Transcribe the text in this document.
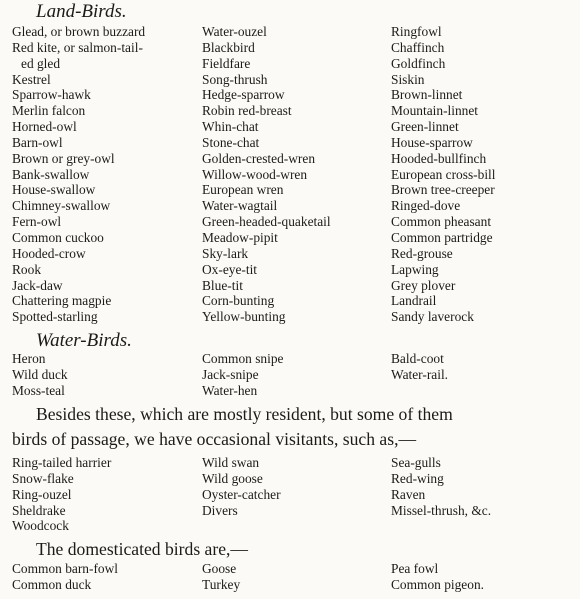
Land-Birds.
Glead, or brown buzzard	Water-ouzel	Ringfowl
Red kite, or salmon-tail-	Blackbird	Chaffinch
ed gled	Fieldfare	Goldfinch
Kestrel	Song-thrush	Siskin
Sparrow-hawk	Hedge-sparrow	Brown-linnet
Merlin falcon	Robin red-breast	Mountain-linnet
Horned-owl	Whin-chat	Green-linnet
Barn-owl	Stone-chat	House-sparrow
Brown or grey-owl	Golden-crested-wren	Hooded-bullfinch
Bank-swallow	Willow-wood-wren	European cross-bill
House-swallow	European wren	Brown tree-creeper
Chimney-swallow	Water-wagtail	Ringed-dove
Fern-owl	Green-headed-quaketail	Common pheasant
Common cuckoo	Meadow-pipit	Common partridge
Hooded-crow	Sky-lark	Red-grouse
Rook	Ox-eye-tit	Lapwing
Jack-daw	Blue-tit	Grey plover
Chattering magpie	Corn-bunting	Landrail
Spotted-starling	Yellow-bunting	Sandy laverock
Water-Birds.
Heron	Common snipe	Bald-coot
Wild duck	Jack-snipe	Water-rail.
Moss-teal	Water-hen
Besides these, which are mostly resident, but some of them
birds of passage, we have occasional visitants, such as,—
Ring-tailed harrier	Wild swan	Sea-gulls
Snow-flake	Wild goose	Red-wing
Ring-ouzel	Oyster-catcher	Raven
Sheldrake	Divers	Missel-thrush, &c.
Woodcock
The domesticated birds are,—
Common barn-fowl	Goose	Pea fowl
Common duck	Turkey	Common pigeon.
